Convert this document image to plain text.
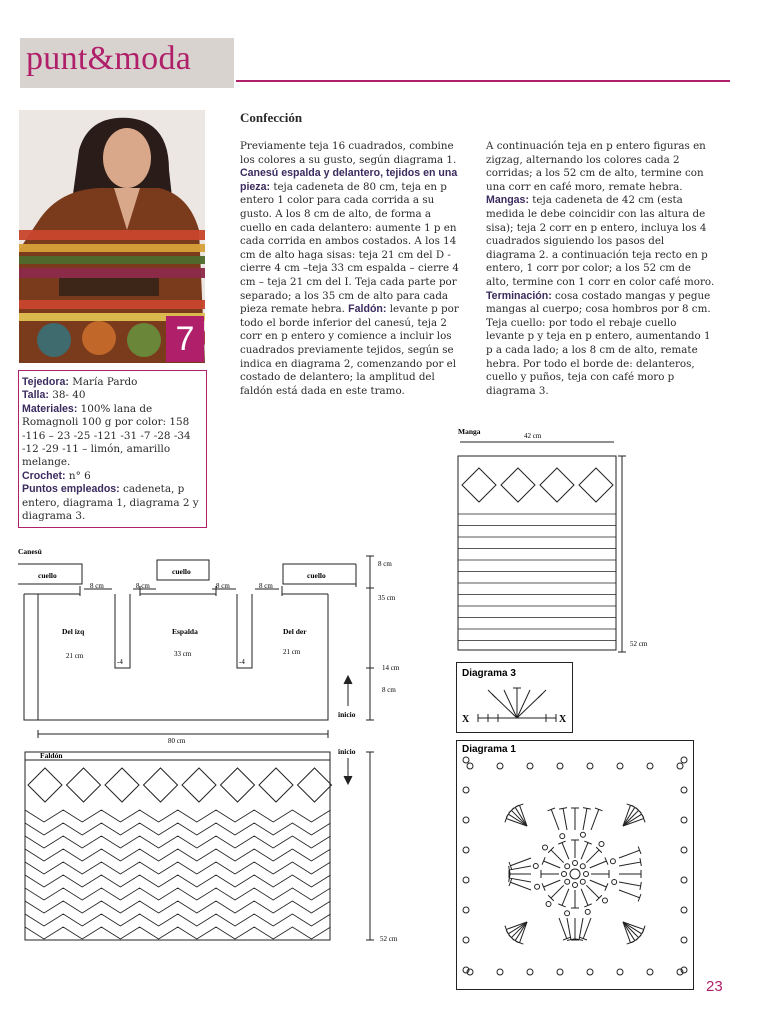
punt&moda
7
Tejedora: María Pardo
Talla: 38- 40
Materiales: 100% lana de Romagnoli 100 g por color: 158 -116 – 23 -25 -121 -31 -7 -28 -34 -12 -29 -11 – limón, amarillo melange.
Crochet: n° 6
Puntos empleados: cadeneta, p entero, diagrama 1, diagrama 2 y diagrama 3.
Confección
Previamente teja 16 cuadrados, combine los colores a su gusto, según diagrama 1. Canesú espalda y delantero, tejidos en una pieza: teja cadeneta de 80 cm, teja en p entero 1 color para cada corrida a su gusto. A los 8 cm de alto, de forma a cuello en cada delantero: aumente 1 p en cada corrida en ambos costados. A los 14 cm de alto haga sisas: teja 21 cm del D - cierre 4 cm –teja 33 cm espalda – cierre 4 cm – teja 21 cm del I. Teja cada parte por separado; a los 35 cm de alto para cada pieza remate hebra. Faldón: levante p por todo el borde inferior del canesú, teja 2 corr en p entero y comience a incluir los cuadrados previamente tejidos, según se indica en diagrama 2, comenzando por el costado de delantero; la amplitud del faldón está dada en este tramo.
A continuación teja en p entero figuras en zigzag, alternando los colores cada 2 corridas; a los 52 cm de alto, termine con una corr en café moro, remate hebra.
Mangas: teja cadeneta de 42 cm (esta medida le debe coincidir con las altura de sisa); teja 2 corr en p entero, incluya los 4 cuadrados siguiendo los pasos del diagrama 2. a continuación teja recto en p entero, 1 corr por color; a los 52 cm de alto, termine con 1 corr en color café moro.
Terminación: cosa costado mangas y pegue mangas al cuerpo; cosa hombros por 8 cm. Teja cuello: por todo el rebaje cuello levante p y teja en p entero, aumentando 1 p a cada lado; a los 8 cm de alto, remate hebra. Por todo el borde de: delanteros, cuello y puños, teja con café moro p diagrama 3.
Canesú
cuello	cuello	cuello
8 cm	8 cm	8 cm	8 cm
Del izq	Espalda	Del der
21 cm	33 cm	21 cm
-4	-4
8 cm
35 cm
14 cm
8 cm
inicio
80 cm
Faldón	inicio
52 cm
Manga	42 cm
52 cm
Diagrama 3
X	X
Diagrama 1
23
